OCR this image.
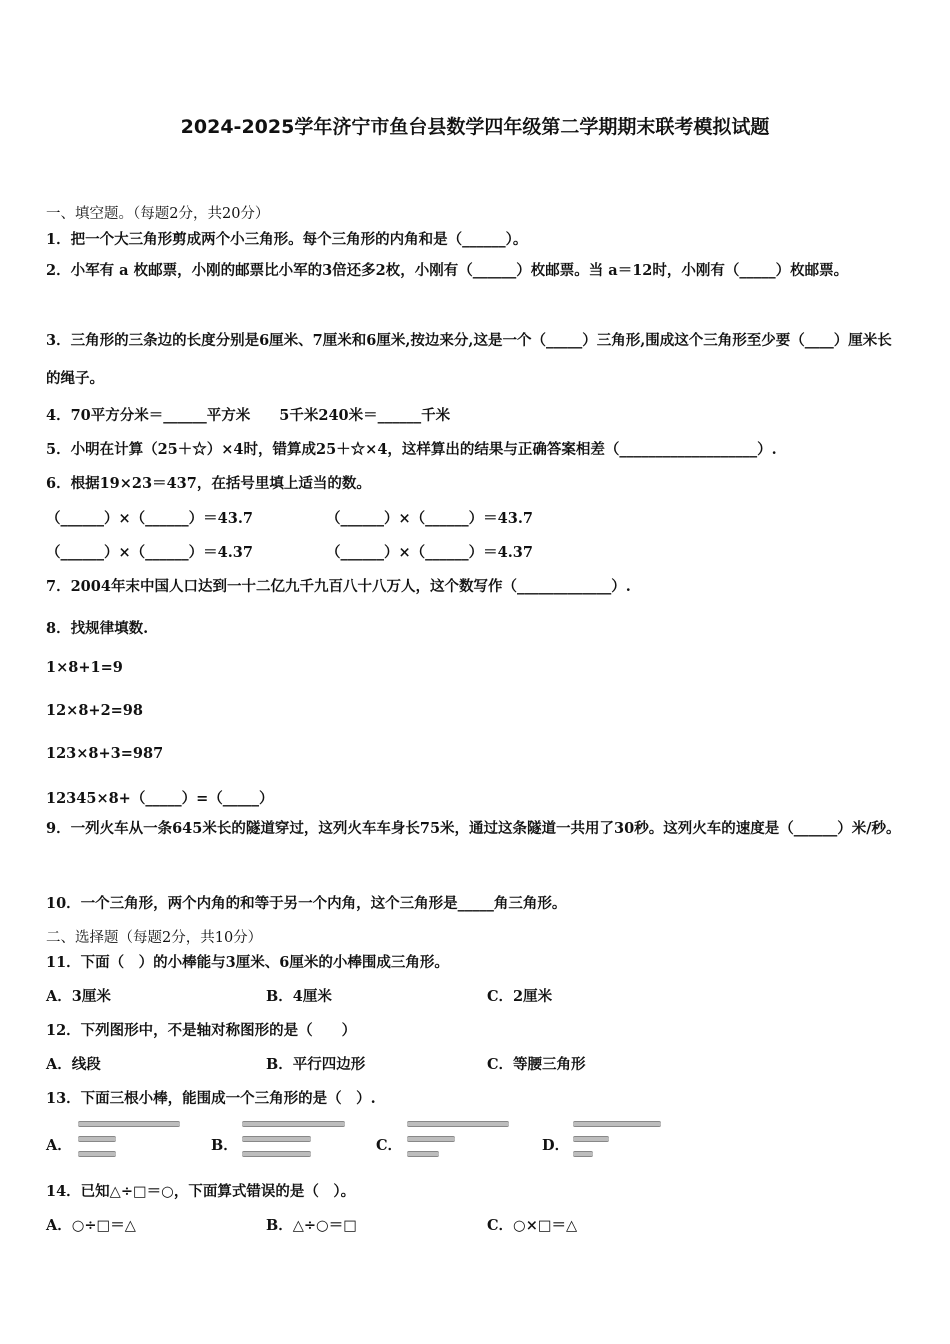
2024-2025学年济宁市鱼台县数学四年级第二学期期末联考模拟试题
一、填空题。（每题2分，共20分）
1．把一个大三角形剪成两个小三角形。每个三角形的内角和是（______）。
2．小军有 a 枚邮票，小刚的邮票比小军的3倍还多2枚，小刚有（______）枚邮票。当 a＝12时，小刚有（_____）枚邮票。
3．三角形的三条边的长度分别是6厘米、7厘米和6厘米,按边来分,这是一个（_____）三角形,围成这个三角形至少要（____）厘米长的绳子。
4．70平方分米＝______平方米　　5千米240米＝______千米
5．小明在计算（25＋☆）×4时，错算成25＋☆×4，这样算出的结果与正确答案相差（___________________）.
6．根据19×23＝437，在括号里填上适当的数。
（______）×（______）＝43.7	（______）×（______）＝43.7
（______）×（______）＝4.37	（______）×（______）＝4.37
7．2004年末中国人口达到一十二亿九千九百八十八万人，这个数写作（_____________）.
8．找规律填数.
1×8+1=9
12×8+2=98
123×8+3=987
12345×8+（_____）=（_____）
9．一列火车从一条645米长的隧道穿过，这列火车车身长75米，通过这条隧道一共用了30秒。这列火车的速度是（______）米/秒。
10．一个三角形，两个内角的和等于另一个内角，这个三角形是_____角三角形。
二、选择题（每题2分，共10分）
11．下面（　）的小棒能与3厘米、6厘米的小棒围成三角形。
A．3厘米	B．4厘米	C．2厘米
12．下列图形中，不是轴对称图形的是（　　）
A．线段	B．平行四边形	C．等腰三角形
13．下面三根小棒，能围成一个三角形的是（　）.
A．	B．	C．	D．
14．已知△÷□＝○，下面算式错误的是（　）。
A．○÷□＝△	B．△÷○＝□	C．○×□＝△
